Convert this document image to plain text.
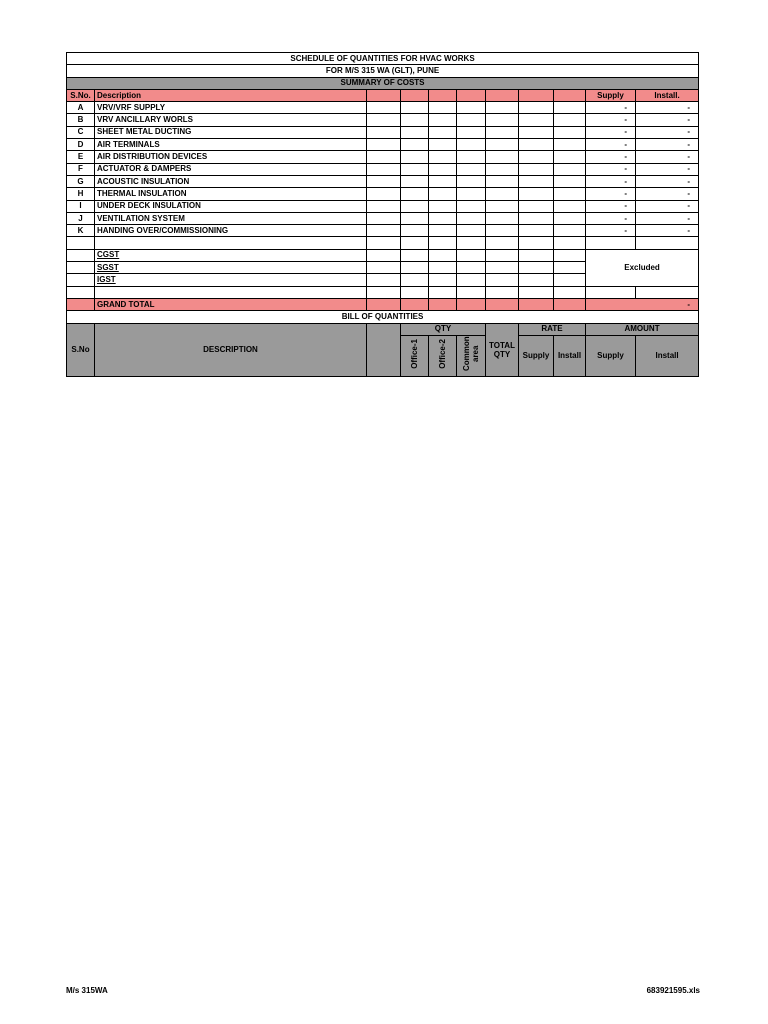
SCHEDULE OF QUANTITIES FOR HVAC WORKS										
FOR M/S 315 WA (GLT), PUNE										
SUMMARY OF COSTS										
S.No.	Description								Supply	Install.
A	VRV/VRF SUPPLY								-	-
B	VRV ANCILLARY WORLS								-	-
C	SHEET METAL DUCTING								-	-
D	AIR TERMINALS								-	-
E	AIR DISTRIBUTION DEVICES								-	-
F	ACTUATOR & DAMPERS								-	-
G	ACOUSTIC INSULATION								-	-
H	THERMAL INSULATION								-	-
I	UNDER DECK INSULATION								-	-
J	VENTILATION SYSTEM								-	-
K	HANDING OVER/COMMISSIONING								-	-

	CGST								Excluded	
	SGST									
	IGST									

	GRAND TOTAL								-	
BILL OF QUANTITIES										
S.No	DESCRIPTION		QTY			TOTAL QTY	RATE		AMOUNT	
			Office-1	Office-2	Common area		Supply	Install	Supply	Install
M/s 315WA	683921595.xls
